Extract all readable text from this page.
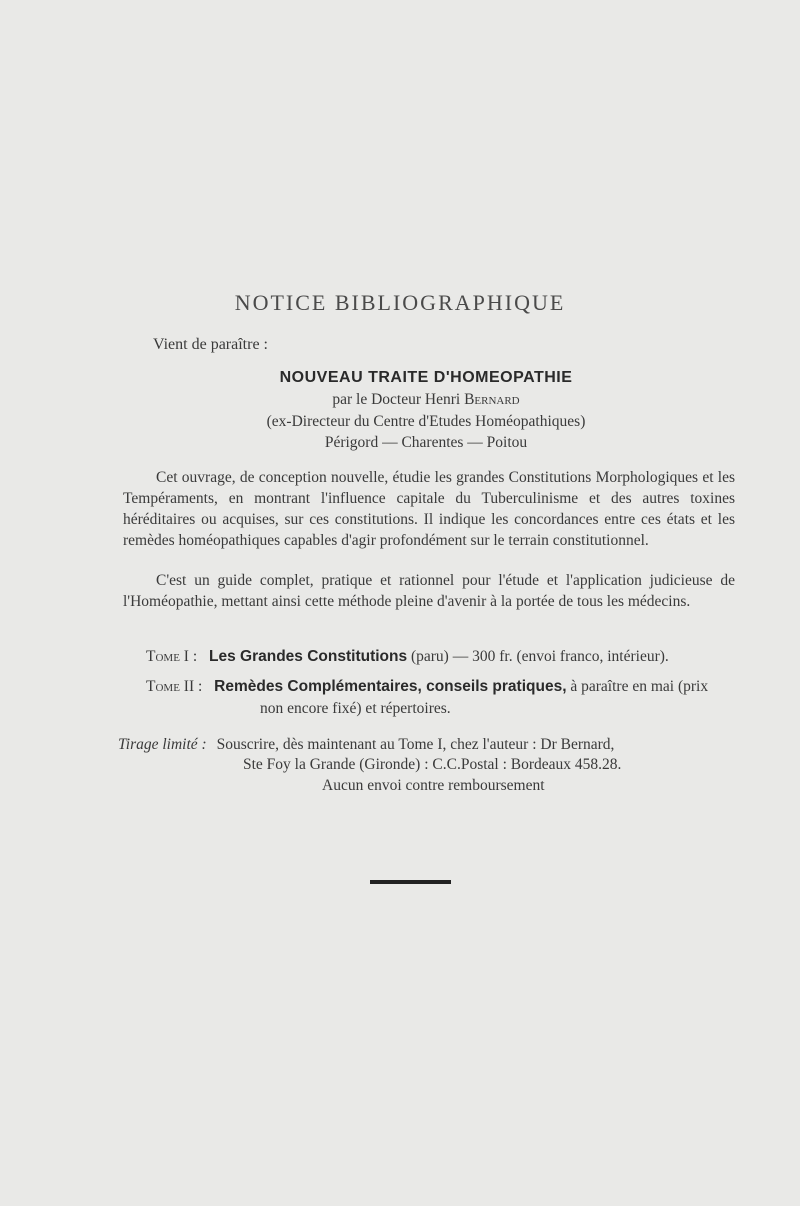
NOTICE BIBLIOGRAPHIQUE
Vient de paraître :
NOUVEAU TRAITE D'HOMEOPATHIE
par le Docteur Henri Bernard
(ex-Directeur du Centre d'Etudes Homéopathiques)
Périgord — Charentes — Poitou

Cet ouvrage, de conception nouvelle, étudie les grandes Constitutions Morphologiques et les Tempéraments, en montrant l'influence capitale du Tuberculinisme et des autres toxines héréditaires ou acquises, sur ces constitutions. Il indique les concordances entre ces états et les remèdes homéopathiques capables d'agir profondément sur le terrain constitutionnel.

C'est un guide complet, pratique et rationnel pour l'étude et l'application judicieuse de l'Homéopathie, mettant ainsi cette méthode pleine d'avenir à la portée de tous les médecins.

Tome I : Les Grandes Constitutions (paru) — 300 fr. (envoi franco, intérieur).
Tome II : Remèdes Complémentaires, conseils pratiques, à paraître en mai (prix
non encore fixé) et répertoires.
Tirage limité : Souscrire, dès maintenant au Tome I, chez l'auteur : Dr Bernard,
Ste Foy la Grande (Gironde) : C.C.Postal : Bordeaux 458.28.
Aucun envoi contre remboursement
